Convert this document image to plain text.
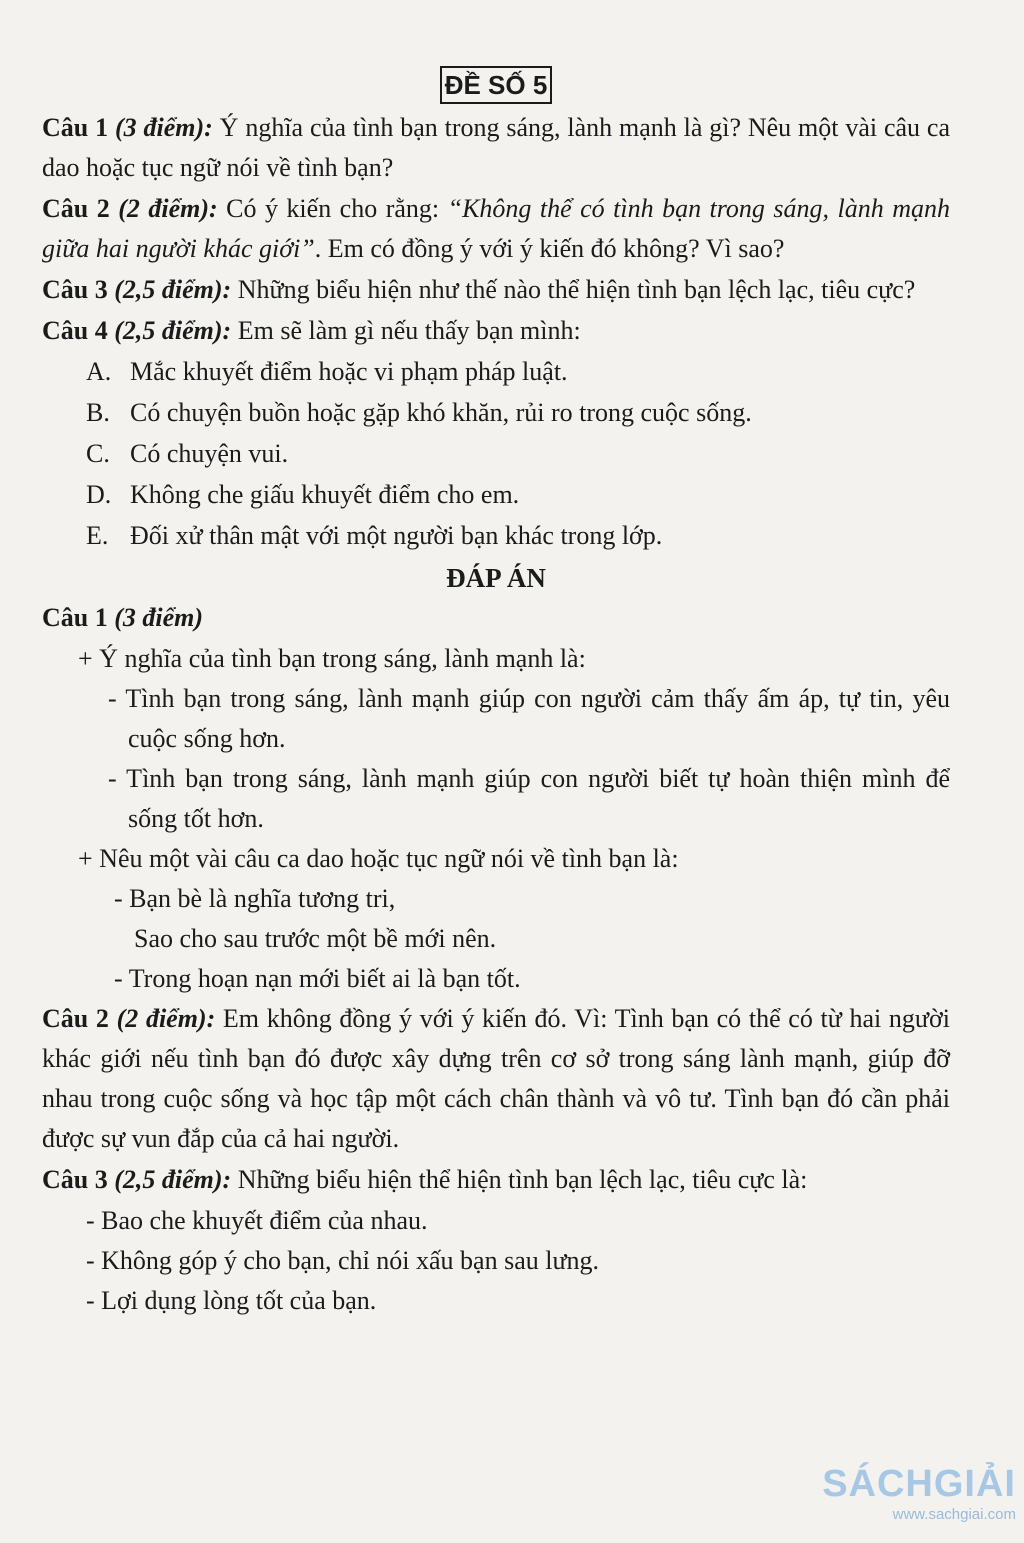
ĐỀ SỐ 5
Câu 1 (3 điểm): Ý nghĩa của tình bạn trong sáng, lành mạnh là gì? Nêu một vài câu ca dao hoặc tục ngữ nói về tình bạn?
Câu 2 (2 điểm): Có ý kiến cho rằng: “Không thể có tình bạn trong sáng, lành mạnh giữa hai người khác giới”. Em có đồng ý với ý kiến đó không? Vì sao?
Câu 3 (2,5 điểm): Những biểu hiện như thế nào thể hiện tình bạn lệch lạc, tiêu cực?
Câu 4 (2,5 điểm): Em sẽ làm gì nếu thấy bạn mình:
A. Mắc khuyết điểm hoặc vi phạm pháp luật.
B. Có chuyện buồn hoặc gặp khó khăn, rủi ro trong cuộc sống.
C. Có chuyện vui.
D. Không che giấu khuyết điểm cho em.
E. Đối xử thân mật với một người bạn khác trong lớp.
ĐÁP ÁN
Câu 1 (3 điểm)
+ Ý nghĩa của tình bạn trong sáng, lành mạnh là:
- Tình bạn trong sáng, lành mạnh giúp con người cảm thấy ấm áp, tự tin, yêu cuộc sống hơn.
- Tình bạn trong sáng, lành mạnh giúp con người biết tự hoàn thiện mình để sống tốt hơn.
+ Nêu một vài câu ca dao hoặc tục ngữ nói về tình bạn là:
- Bạn bè là nghĩa tương tri,
Sao cho sau trước một bề mới nên.
- Trong hoạn nạn mới biết ai là bạn tốt.
Câu 2 (2 điểm): Em không đồng ý với ý kiến đó. Vì: Tình bạn có thể có từ hai người khác giới nếu tình bạn đó được xây dựng trên cơ sở trong sáng lành mạnh, giúp đỡ nhau trong cuộc sống và học tập một cách chân thành và vô tư. Tình bạn đó cần phải được sự vun đắp của cả hai người.
Câu 3 (2,5 điểm): Những biểu hiện thể hiện tình bạn lệch lạc, tiêu cực là:
- Bao che khuyết điểm của nhau.
- Không góp ý cho bạn, chỉ nói xấu bạn sau lưng.
- Lợi dụng lòng tốt của bạn.
SÁCHGIẢI
www.sachgiai.com
